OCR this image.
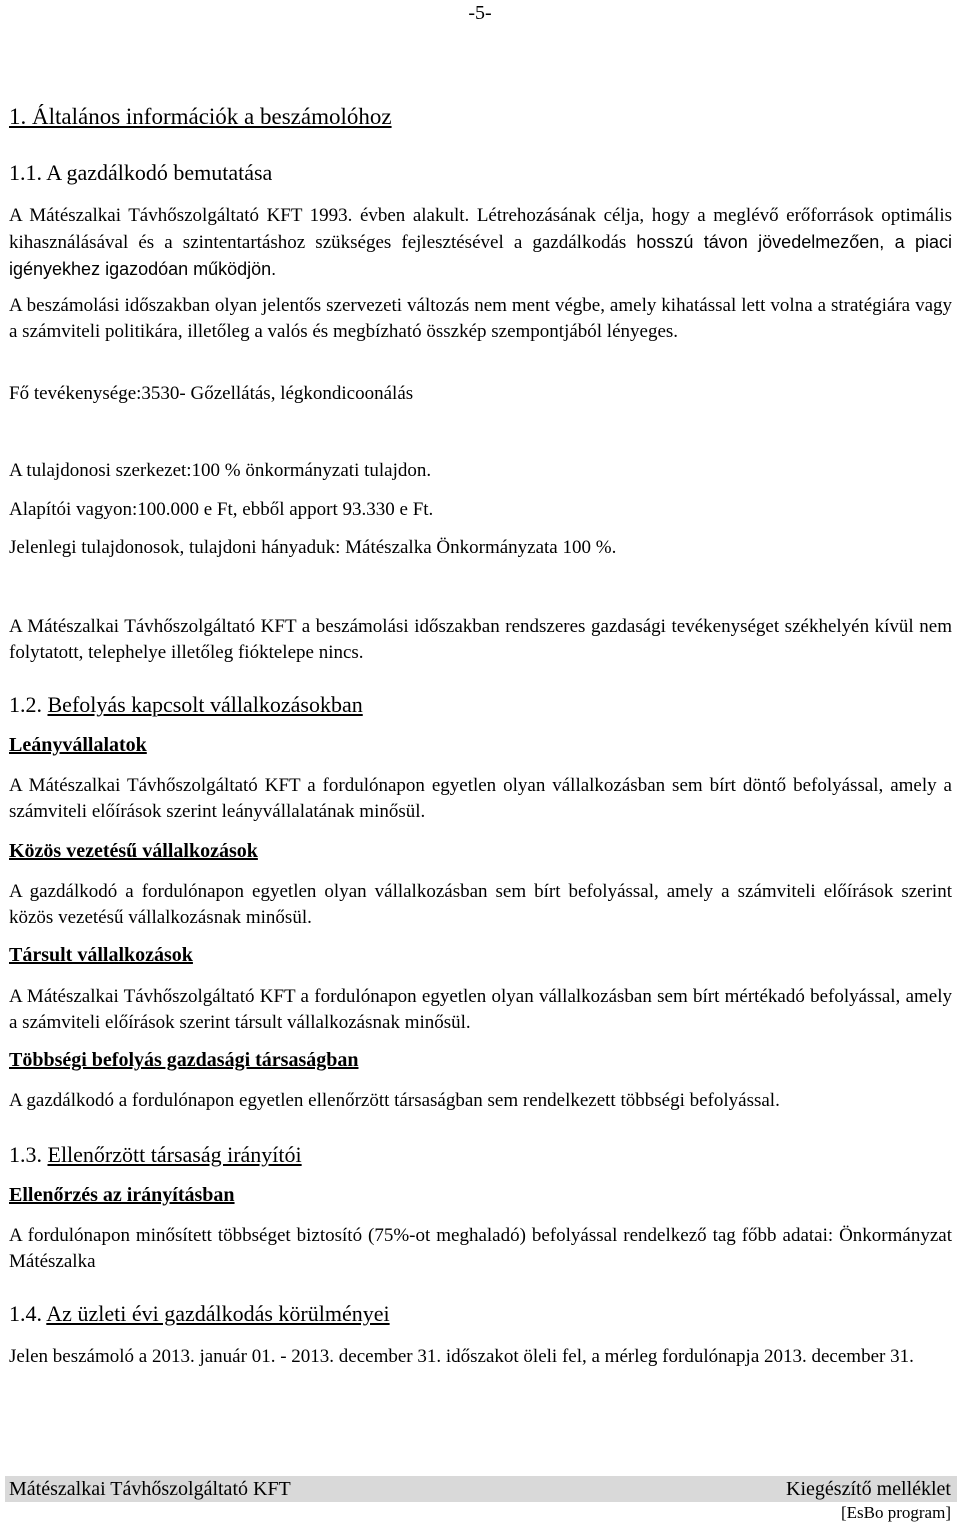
-5-
1. Általános információk a beszámolóhoz
1.1. A gazdálkodó bemutatása
A Mátészalkai Távhőszolgáltató KFT 1993. évben alakult. Létrehozásának célja, hogy a meglévő erőforrások optimális kihasználásával és a szintentartáshoz szükséges fejlesztésével a gazdálkodás hosszú távon jövedelmezően, a piaci igényekhez igazodóan működjön.
A beszámolási időszakban olyan jelentős szervezeti változás nem ment végbe, amely kihatással lett volna a stratégiára vagy a számviteli politikára, illetőleg a valós és megbízható összkép szempontjából lényeges.
Fő tevékenysége:3530- Gőzellátás, légkondicoonálás
A tulajdonosi szerkezet:100 % önkormányzati tulajdon.
Alapítói vagyon:100.000 e Ft, ebből apport 93.330 e Ft.
Jelenlegi tulajdonosok, tulajdoni hányaduk: Mátészalka Önkormányzata 100 %.
A Mátészalkai Távhőszolgáltató KFT a beszámolási időszakban rendszeres gazdasági tevékenységet székhelyén kívül nem folytatott, telephelye illetőleg fióktelepe nincs.
1.2. Befolyás kapcsolt vállalkozásokban
Leányvállalatok
A Mátészalkai Távhőszolgáltató KFT a fordulónapon egyetlen olyan vállalkozásban sem bírt döntő befolyással, amely a számviteli előírások szerint leányvállalatának minősül.
Közös vezetésű vállalkozások
A gazdálkodó a fordulónapon egyetlen olyan vállalkozásban sem bírt befolyással, amely a számviteli előírások szerint közös vezetésű vállalkozásnak minősül.
Társult vállalkozások
A Mátészalkai Távhőszolgáltató KFT a fordulónapon egyetlen olyan vállalkozásban sem bírt mértékadó befolyással, amely a számviteli előírások szerint társult vállalkozásnak minősül.
Többségi befolyás gazdasági társaságban
A gazdálkodó a fordulónapon egyetlen ellenőrzött társaságban sem rendelkezett többségi befolyással.
1.3. Ellenőrzött társaság irányítói
Ellenőrzés az irányításban
A fordulónapon minősített többséget biztosító (75%-ot meghaladó) befolyással rendelkező tag főbb adatai: Önkormányzat Mátészalka
1.4. Az üzleti évi gazdálkodás körülményei
Jelen beszámoló a 2013. január 01. - 2013. december 31. időszakot öleli fel, a mérleg fordulónapja 2013. december 31.
Mátészalkai Távhőszolgáltató KFT	Kiegészítő melléklet
[EsBo program]
